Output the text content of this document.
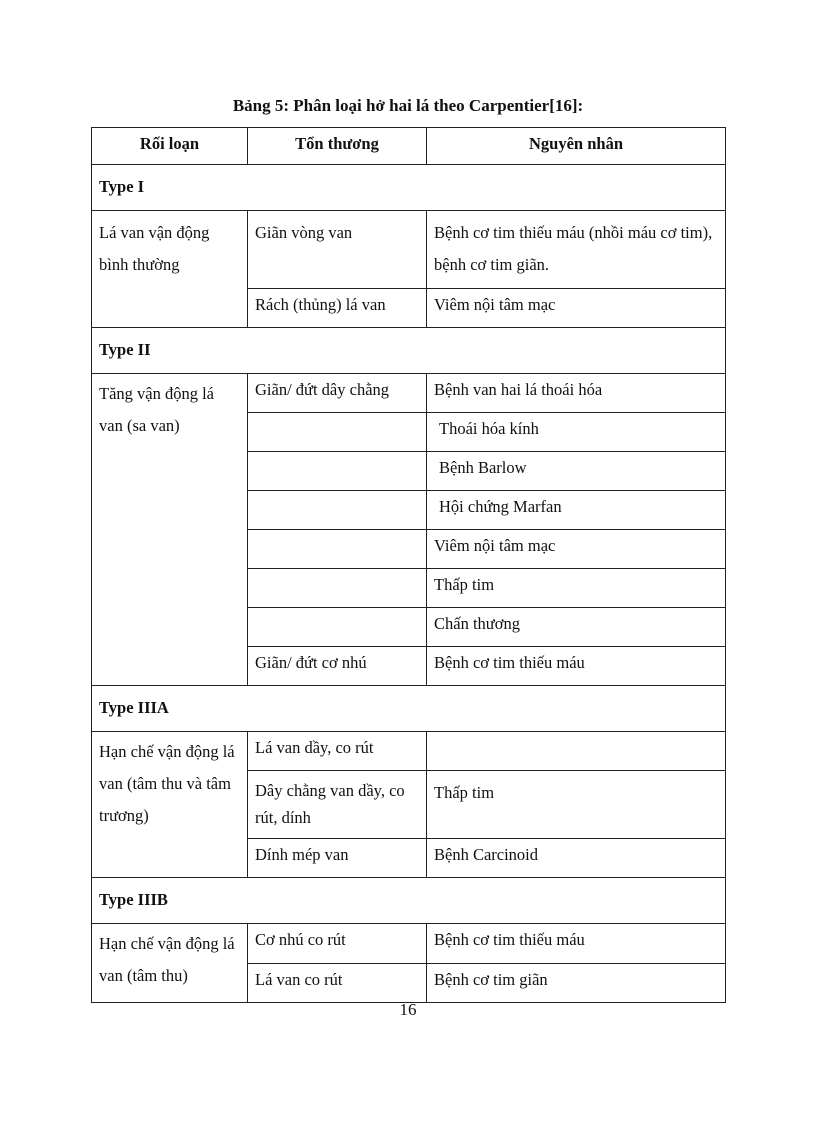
Bảng 5: Phân loại hở hai lá theo Carpentier[16]:
Rối loạn	Tổn thương	Nguyên nhân
Type I		
Lá van vận động bình thường	Giãn vòng van	Bệnh cơ tim thiếu máu (nhồi máu cơ tim), bệnh cơ tim giãn.
	Rách (thủng) lá van	Viêm nội tâm mạc
Type II		
Tăng vận động lá van (sa van)	Giãn/ đứt dây chằng	Bệnh van hai lá thoái hóa
		Thoái hóa kính
		Bệnh Barlow
		Hội chứng Marfan
		Viêm nội tâm mạc
		Thấp tim
		Chấn thương
	Giãn/ đứt cơ nhú	Bệnh cơ tim thiếu máu
Type IIIA		
Hạn chế vận động lá van (tâm thu và tâm trương)	Lá van dầy, co rút	
	Dây chằng van dầy, co rút, dính	Thấp tim
	Dính mép van	Bệnh Carcinoid
Type IIIB		
Hạn chế vận động lá van (tâm thu)	Cơ nhú co rút	Bệnh cơ tim thiếu máu
	Lá van co rút	Bệnh cơ tim giãn
16
